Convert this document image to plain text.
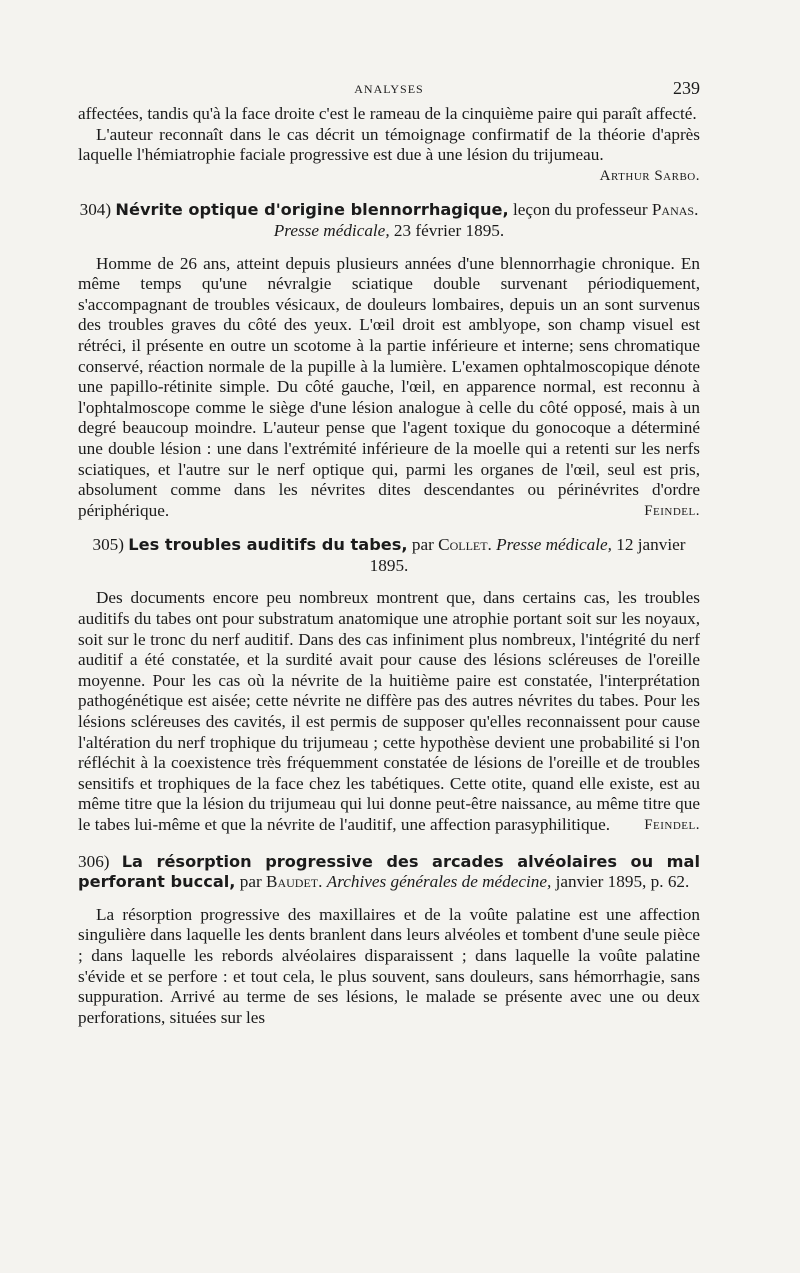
ANALYSES	239

affectées, tandis qu'à la face droite c'est le rameau de la cinquième paire qui paraît affecté.

L'auteur reconnaît dans le cas décrit un témoignage confirmatif de la théorie d'après laquelle l'hémiatrophie faciale progressive est due à une lésion du trijumeau.
Arthur Sarbo.

304) Névrite optique d'origine blennorrhagique, leçon du professeur Panas. Presse médicale, 23 février 1895.

Homme de 26 ans, atteint depuis plusieurs années d'une blennorrhagie chronique. En même temps qu'une névralgie sciatique double survenant périodiquement, s'accompagnant de troubles vésicaux, de douleurs lombaires, depuis un an sont survenus des troubles graves du côté des yeux. L'œil droit est amblyope, son champ visuel est rétréci, il présente en outre un scotome à la partie inférieure et interne; sens chromatique conservé, réaction normale de la pupille à la lumière. L'examen ophtalmoscopique dénote une papillo-rétinite simple. Du côté gauche, l'œil, en apparence normal, est reconnu à l'ophtalmoscope comme le siège d'une lésion analogue à celle du côté opposé, mais à un degré beaucoup moindre. L'auteur pense que l'agent toxique du gonocoque a déterminé une double lésion : une dans l'extrémité inférieure de la moelle qui a retenti sur les nerfs sciatiques, et l'autre sur le nerf optique qui, parmi les organes de l'œil, seul est pris, absolument comme dans les névrites dites descendantes ou périnévrites d'ordre périphérique.	Feindel.

305) Les troubles auditifs du tabes, par Collet. Presse médicale, 12 janvier 1895.

Des documents encore peu nombreux montrent que, dans certains cas, les troubles auditifs du tabes ont pour substratum anatomique une atrophie portant soit sur les noyaux, soit sur le tronc du nerf auditif. Dans des cas infiniment plus nombreux, l'intégrité du nerf auditif a été constatée, et la surdité avait pour cause des lésions scléreuses de l'oreille moyenne. Pour les cas où la névrite de la huitième paire est constatée, l'interprétation pathogénétique est aisée; cette névrite ne diffère pas des autres névrites du tabes. Pour les lésions scléreuses des cavités, il est permis de supposer qu'elles reconnaissent pour cause l'altération du nerf trophique du trijumeau ; cette hypothèse devient une probabilité si l'on réfléchit à la coexistence très fréquemment constatée de lésions de l'oreille et de troubles sensitifs et trophiques de la face chez les tabétiques. Cette otite, quand elle existe, est au même titre que la lésion du trijumeau qui lui donne peut-être naissance, au même titre que le tabes lui-même et que la névrite de l'auditif, une affection parasyphilitique.	Feindel.

306) La résorption progressive des arcades alvéolaires ou mal perforant buccal, par Baudet. Archives générales de médecine, janvier 1895, p. 62.

La résorption progressive des maxillaires et de la voûte palatine est une affection singulière dans laquelle les dents branlent dans leurs alvéoles et tombent d'une seule pièce ; dans laquelle les rebords alvéolaires disparaissent ; dans laquelle la voûte palatine s'évide et se perfore : et tout cela, le plus souvent, sans douleurs, sans hémorrhagie, sans suppuration. Arrivé au terme de ses lésions, le malade se présente avec une ou deux perforations, situées sur les
